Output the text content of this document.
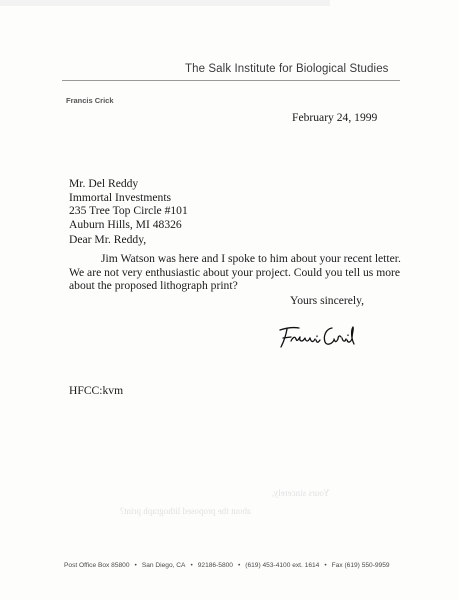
The Salk Institute for Biological Studies
Francis Crick
February 24, 1999
Mr. Del Reddy
Immortal Investments
235 Tree Top Circle #101
Auburn Hills, MI 48326
Dear Mr. Reddy,
Jim Watson was here and I spoke to him about your recent letter.
We are not very enthusiastic about your project. Could you tell us more
about the proposed lithograph print?
Yours sincerely,
HFCC:kvm
Yours sincerely,
about the proposed lithograph print?
Post Office Box 85800 • San Diego, CA • 92186-5800 • (619) 453-4100 ext. 1614 • Fax (619) 550-9959
